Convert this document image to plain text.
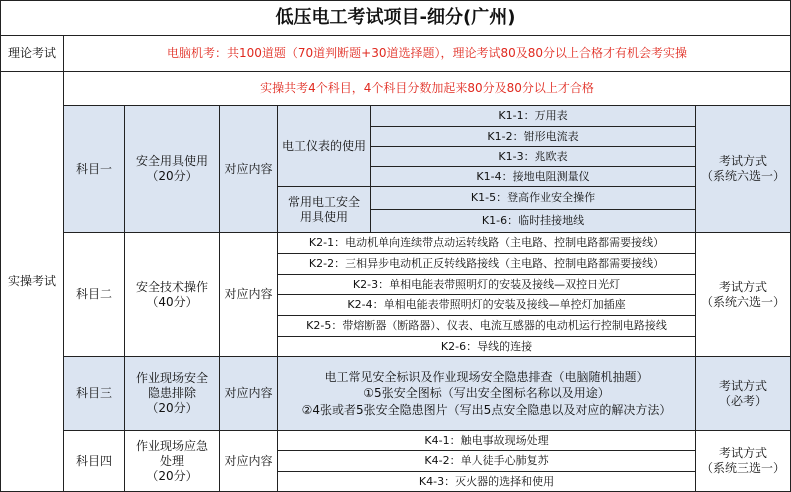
低压电工考试项目-细分(广州)
理论考试	电脑机考：共100道题（70道判断题+30道选择题），理论考试80及80分以上合格才有机会考实操
实操考试
实操共考4个科目，4个科目分数加起来80分及80分以上才合格
科目一
安全用具使用
（20分）
对应内容
电工仪表的使用
常用电工安全用具使用
K1-1：万用表
K1-2：钳形电流表
K1-3：兆欧表
K1-4：接地电阻测量仪
K1-5：登高作业安全操作
K1-6：临时挂接地线
考试方式
（系统六选一）
科目二
安全技术操作
（40分）
对应内容
K2-1：电动机单向连续带点动运转线路（主电路、控制电路都需要接线）
K2-2：三相异步电动机正反转线路接线（主电路、控制电路都需要接线）
K2-3：单相电能表带照明灯的安装及接线—双控日光灯
K2-4：单相电能表带照明灯的安装及接线—单控灯加插座
K2-5：带熔断器（断路器）、仪表、电流互感器的电动机运行控制电路接线
K2-6：导线的连接
考试方式
（系统六选一）
科目三
作业现场安全隐患排除
（20分）
对应内容
电工常见安全标识及作业现场安全隐患排查（电脑随机抽题）
①5张安全图标（写出安全图标名称以及用途）
②4张或者5张安全隐患图片（写出5点安全隐患以及对应的解决方法）
考试方式
（必考）
科目四
作业现场应急处理
（20分）
对应内容
K4-1：触电事故现场处理
K4-2：单人徒手心肺复苏
K4-3：灭火器的选择和使用
考试方式
（系统三选一）
